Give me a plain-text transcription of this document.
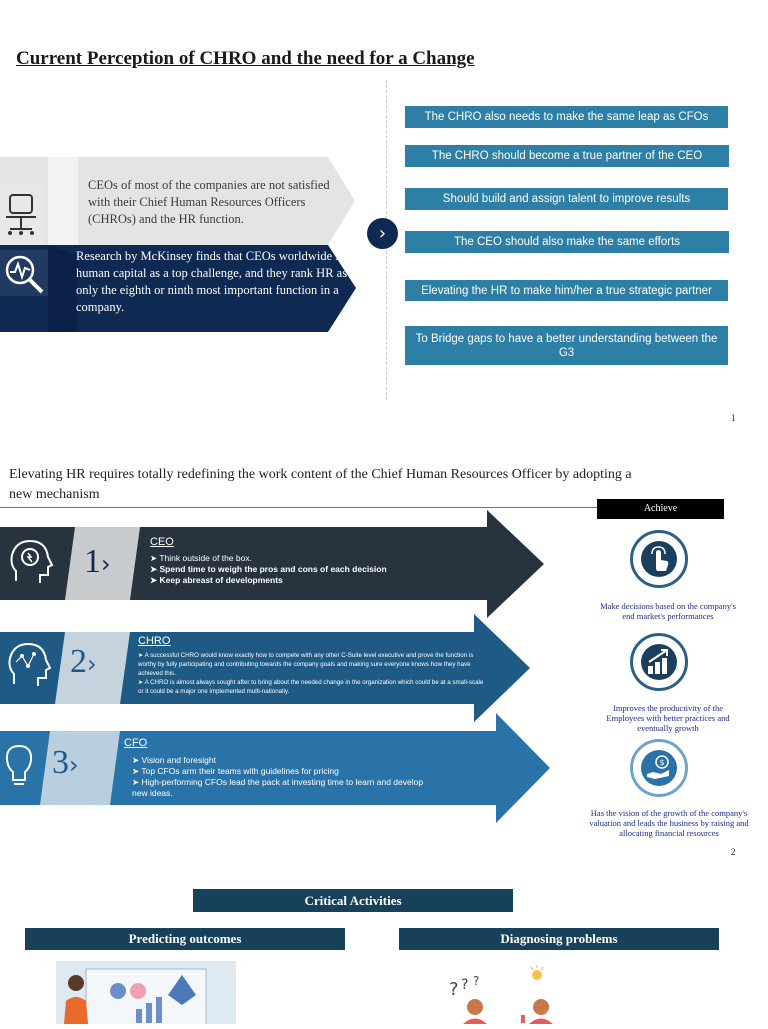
Current Perception of CHRO and the need for a Change
CEOs of most of the companies are not satisfied with their Chief Human Resources Officers (CHROs) and the HR function.
Research by McKinsey finds that CEOs worldwide see human capital as a top challenge, and they rank HR as only the eighth or ninth most important function in a company.
›
The CHRO also needs to make the same leap as CFOs
The CHRO should become a true partner of the CEO
Should build and assign talent to improve results
The CEO should also make the same efforts
Elevating the HR to make him/her a true strategic partner
To Bridge gaps to have a better understanding between the G3
1
Elevating HR requires totally redefining the work content of the Chief Human Resources Officer by adopting a new mechanism
Achieve
1›
CEO
➤ Think outside of the box.
➤ Spend time to weigh the pros and cons of each decision
➤ Keep abreast of developments
2›
CHRO
➤ A successful CHRO would know exactly how to compete with any other C-Suite level executive and prove the function is worthy by fully participating and contributing towards the company goals and making sure everyone knows how they have achieved this.
➤ A CHRO is almost always sought after to bring about the needed change in the organization which could be at a small-scale or it could be a major one implemented multi-nationally.
3›
CFO
➤ Vision and foresight
➤ Top CFOs arm their teams with guidelines for pricing
➤ High-performing CFOs lead the pack at investing time to learn and develop new ideas.
Make decisions based on the company's end market's performances
Improves the productivity of the Employees with better practices and eventually growth
$
Has the vision of the growth of the company's valuation and leads the business by raising and allocating financial resources
2
Critical Activities
Predicting outcomes	Diagnosing problems
? ? ?
